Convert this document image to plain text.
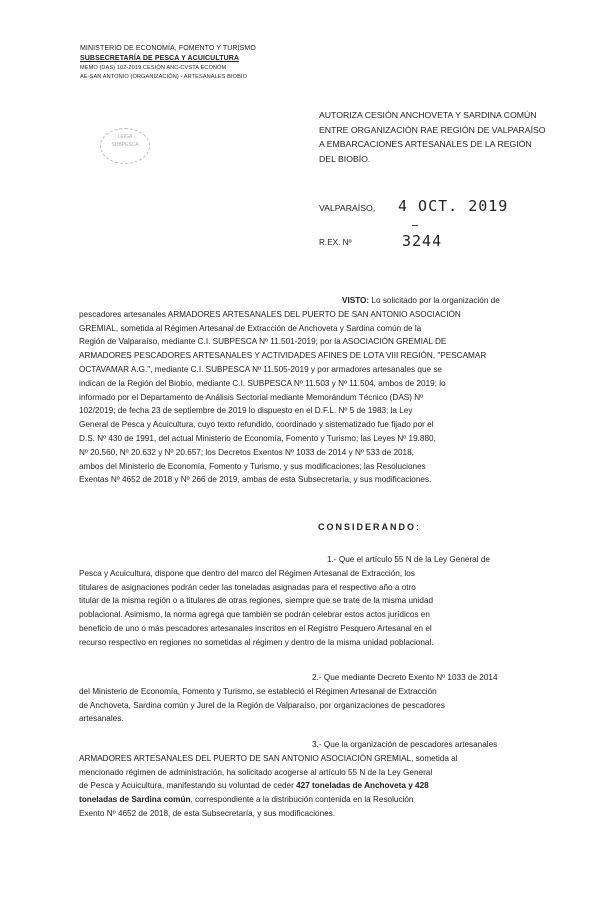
MINISTERIO DE ECONOMÍA, FOMENTO Y TURISMO
SUBSECRETARÍA DE PESCA Y ACUICULTURA
MEMO (DAS) 102-2019 CESIÓN ANC-CVSTA ECONÓM
AE-SAN ANTONIO (ORGANIZACIÓN) - ARTESANALES BIOBÍO
LEIGA
SUBPESCA
AUTORIZA CESIÓN ANCHOVETA Y SARDINA COMÚN
ENTRE ORGANIZACIÓN RAE REGIÓN DE VALPARAÍSO
A EMBARCACIONES ARTESANALES DE LA REGIÓN
DEL BIOBÍO.
VALPARAÍSO, 4 OCT. 2019
R.EX. Nº	3244
VISTO: Lo solicitado por la organización de
pescadores artesanales ARMADORES ARTESANALES DEL PUERTO DE SAN ANTONIO ASOCIACIÓN
GREMIAL, sometida al Régimen Artesanal de Extracción de Anchoveta y Sardina común de la
Región de Valparaíso, mediante C.I. SUBPESCA Nº 11.501-2019; por la ASOCIACIÓN GREMIAL DE
ARMADORES PESCADORES ARTESANALES Y ACTIVIDADES AFINES DE LOTA VIII REGIÓN, "PESCAMAR
OCTAVAMAR A.G.", mediante C.I. SUBPESCA Nº 11.505-2019 y por armadores artesanales que se
indican de la Región del Biobío, mediante C.I. SUBPESCA Nº 11.503 y Nº 11.504, ambos de 2019; lo
informado por el Departamento de Análisis Sectorial mediante Memorándum Técnico (DAS) Nº
102/2019; de fecha 23 de septiembre de 2019 lo dispuesto en el D.F.L. Nº 5 de 1983; la Ley
General de Pesca y Acuicultura, cuyo texto refundido, coordinado y sistematizado fue fijado por el
D.S. Nº 430 de 1991, del actual Ministerio de Economía, Fomento y Turismo; las Leyes Nº 19.880,
Nº 20.560, Nº 20.632 y Nº 20.657; los Decretos Exentos Nº 1033 de 2014 y Nº 533 de 2018,
ambos del Ministerio de Economía, Fomento y Turismo, y sus modificaciones; las Resoluciones
Exentas Nº 4652 de 2018 y Nº 266 de 2019, ambas de esta Subsecretaría, y sus modificaciones.
CONSIDERANDO:
1.- Que el artículo 55 N de la Ley General de
Pesca y Acuicultura, dispone que dentro del marco del Régimen Artesanal de Extracción, los
titulares de asignaciones podrán ceder las toneladas asignadas para el respectivo año a otro
titular de la misma región o a titulares de otras regiones, siempre que se trate de la misma unidad
poblacional. Asimismo, la norma agrega que también se podrán celebrar estos actos jurídicos en
beneficio de uno o más pescadores artesanales inscritos en el Registro Pesquero Artesanal en el
recurso respectivo en regiones no sometidas al régimen y dentro de la misma unidad poblacional.
2.- Que mediante Decreto Exento Nº 1033 de 2014
del Ministerio de Economía, Fomento y Turismo, se estableció el Régimen Artesanal de Extracción
de Anchoveta, Sardina común y Jurel de la Región de Valparaíso, por organizaciones de pescadores
artesanales.
3.- Que la organización de pescadores artesanales
ARMADORES ARTESANALES DEL PUERTO DE SAN ANTONIO ASOCIACIÓN GREMIAL, sometida al
mencionado régimen de administración, ha solicitado acogerse al artículo 55 N de la Ley General
de Pesca y Acuicultura, manifestando su voluntad de ceder 427 toneladas de Anchoveta y 428
toneladas de Sardina común, correspondiente a la distribución contenida en la Resolución
Exento Nº 4652 de 2018, de esta Subsecretaría, y sus modificaciones.
